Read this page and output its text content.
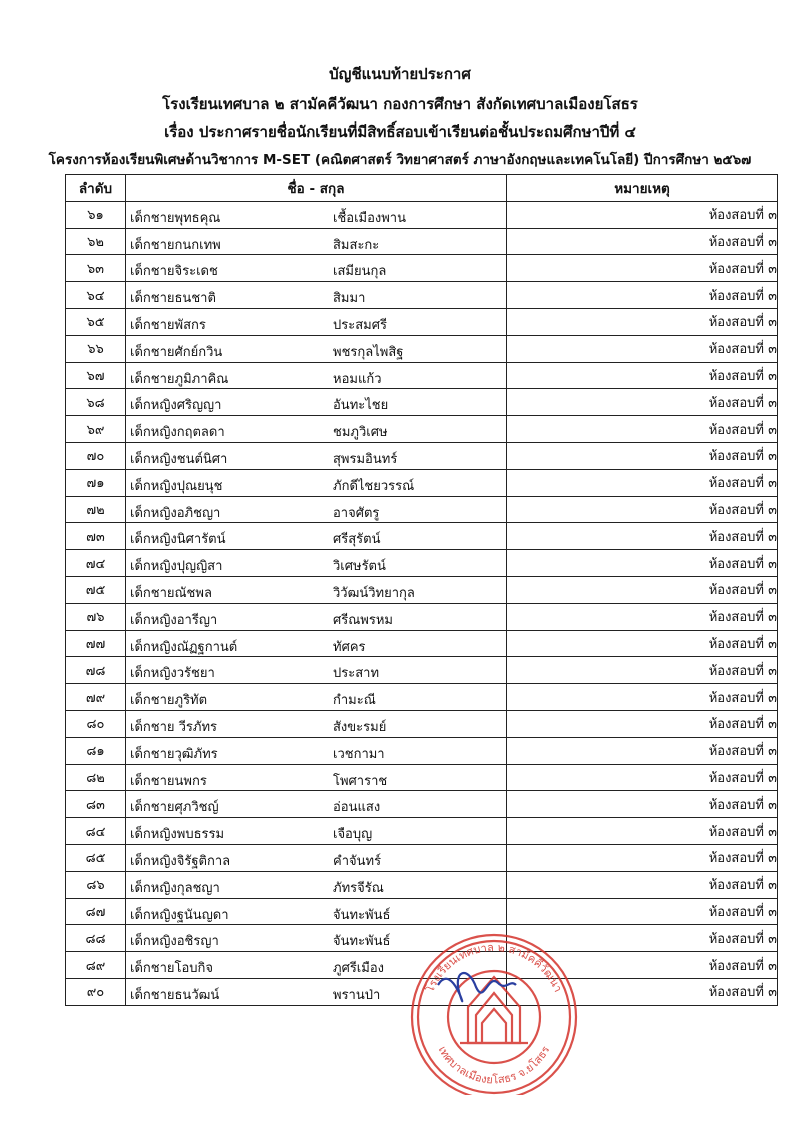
บัญชีแนบท้ายประกาศ
โรงเรียนเทศบาล ๒ สามัคคีวัฒนา กองการศึกษา สังกัดเทศบาลเมืองยโสธร
เรื่อง ประกาศรายชื่อนักเรียนที่มีสิทธิ์สอบเข้าเรียนต่อชั้นประถมศึกษาปีที่ ๔
โครงการห้องเรียนพิเศษด้านวิชาการ M-SET (คณิตศาสตร์ วิทยาศาสตร์ ภาษาอังกฤษและเทคโนโลยี) ปีการศึกษา ๒๕๖๗
ลำดับ	ชื่อ - สกุล	หมายเหตุ
๖๑	เด็กชายพุทธคุณ เชื้อเมืองพาน	ห้องสอบที่ ๓
๖๒	เด็กชายกนกเทพ สิมสะกะ	ห้องสอบที่ ๓
๖๓	เด็กชายจิระเดช เสมียนกุล	ห้องสอบที่ ๓
๖๔	เด็กชายธนชาติ สิมมา	ห้องสอบที่ ๓
๖๕	เด็กชายพัสกร ประสมศรี	ห้องสอบที่ ๓
๖๖	เด็กชายศักย์กวิน พชรกุลไพสิฐ	ห้องสอบที่ ๓
๖๗	เด็กชายภูมิภาคิณ หอมแก้ว	ห้องสอบที่ ๓
๖๘	เด็กหญิงศริญญา อันทะไชย	ห้องสอบที่ ๓
๖๙	เด็กหญิงกฤตลดา ชมภูวิเศษ	ห้องสอบที่ ๓
๗๐	เด็กหญิงชนต์นิศา สุพรมอินทร์	ห้องสอบที่ ๓
๗๑	เด็กหญิงปุณยนุช ภักดีไชยวรรณ์	ห้องสอบที่ ๓
๗๒	เด็กหญิงอภิชญา อาจศัตรู	ห้องสอบที่ ๓
๗๓	เด็กหญิงนิศารัตน์ ศรีสุรัตน์	ห้องสอบที่ ๓
๗๔	เด็กหญิงปุญญิสา วิเศษรัตน์	ห้องสอบที่ ๓
๗๕	เด็กชายณัชพล วิวัฒน์วิทยากุล	ห้องสอบที่ ๓
๗๖	เด็กหญิงอารีญา ศรีณพรหม	ห้องสอบที่ ๓
๗๗	เด็กหญิงณัฏฐกานต์ ทัศคร	ห้องสอบที่ ๓
๗๘	เด็กหญิงวรัชยา ประสาท	ห้องสอบที่ ๓
๗๙	เด็กชายภูริทัต กำมะณี	ห้องสอบที่ ๓
๘๐	เด็กชาย วีรภัทร สังขะรมย์	ห้องสอบที่ ๓
๘๑	เด็กชายวุฒิภัทร เวชกามา	ห้องสอบที่ ๓
๘๒	เด็กชายนพกร โพศาราช	ห้องสอบที่ ๓
๘๓	เด็กชายศุภวิชญ์ อ่อนแสง	ห้องสอบที่ ๓
๘๔	เด็กหญิงพบธรรม เจือบุญ	ห้องสอบที่ ๓
๘๕	เด็กหญิงจิรัฐติกาล คำจันทร์	ห้องสอบที่ ๓
๘๖	เด็กหญิงกุลชญา ภัทรจีรัณ	ห้องสอบที่ ๓
๘๗	เด็กหญิงฐนันญดา จันทะพันธ์	ห้องสอบที่ ๓
๘๘	เด็กหญิงอชิรญา จันทะพันธ์	ห้องสอบที่ ๓
๘๙	เด็กชายโอบกิจ ภูศรีเมือง	ห้องสอบที่ ๓
๙๐	เด็กชายธนวัฒน์ พรานป่า	ห้องสอบที่ ๓
โรงเรียนเทศบาล ๒ สามัคคีวัฒนา
เทศบาลเมืองยโสธร จ.ยโสธร
